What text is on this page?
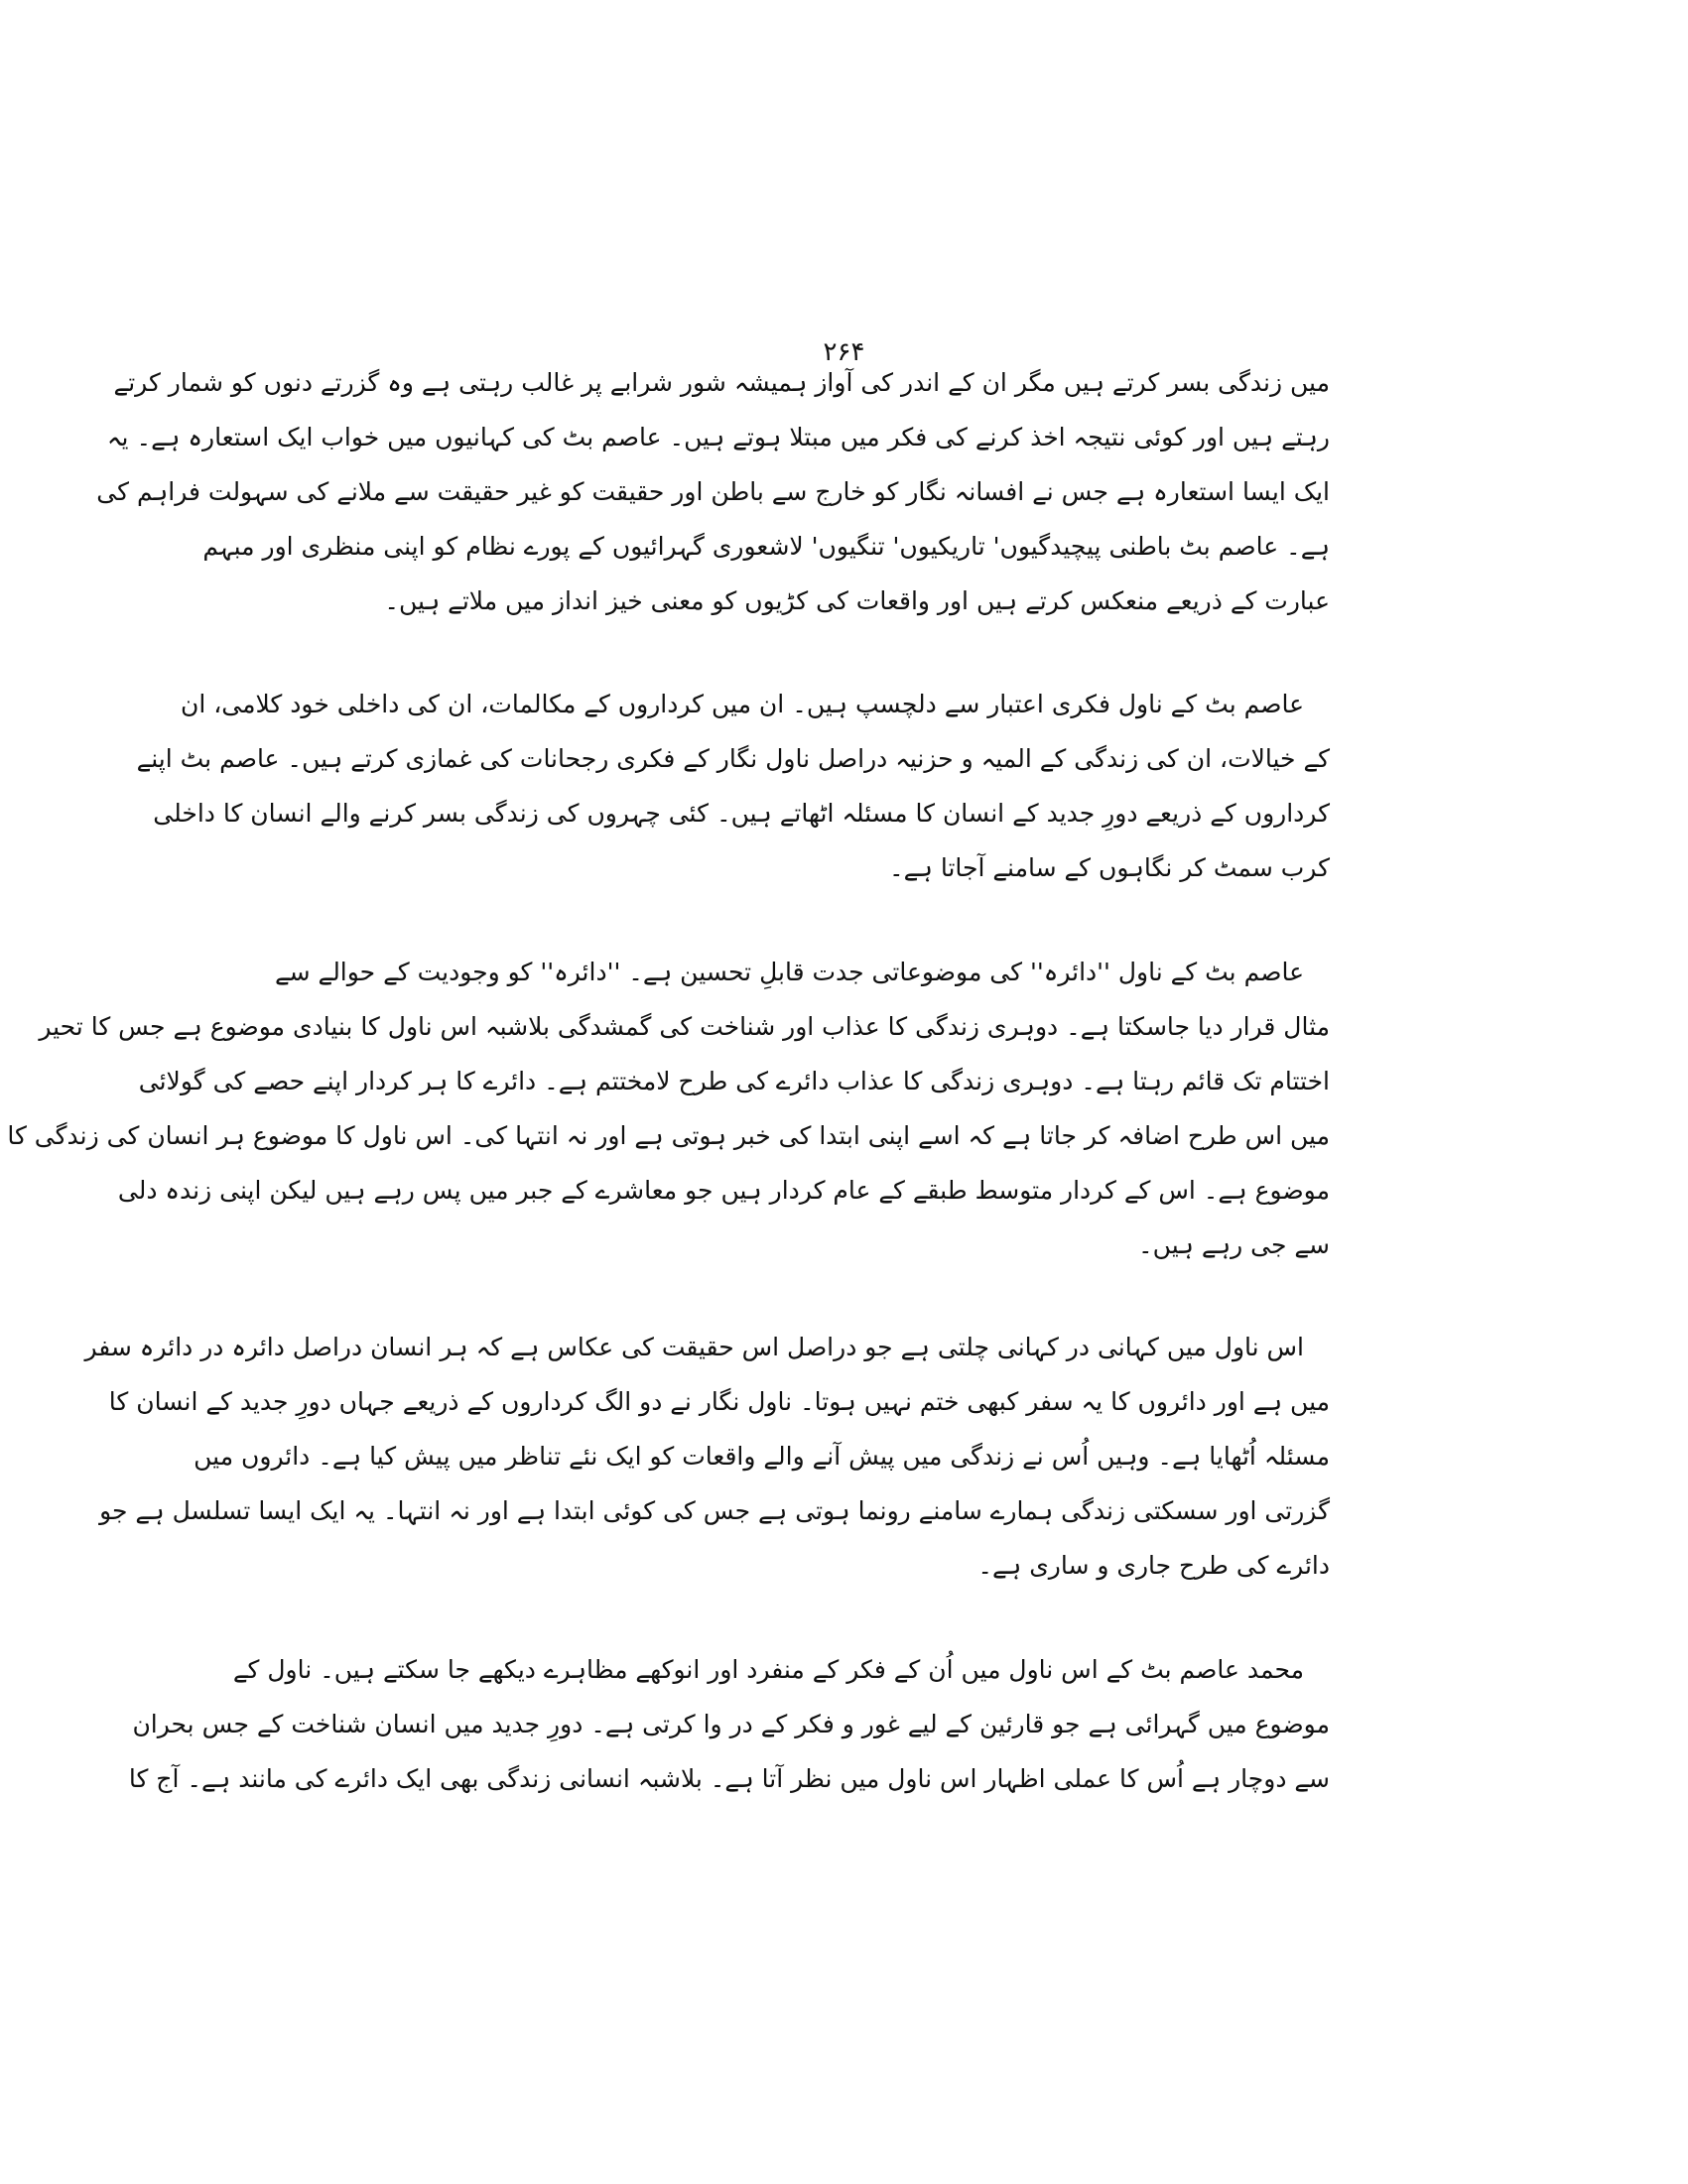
۲۶۴
میں زندگی بسر کرتے ہیں مگر ان کے اندر کی آواز ہمیشہ شور شرابے پر غالب رہتی ہے وہ گزرتے دنوں کو شمار کرتے
رہتے ہیں اور کوئی نتیجہ اخذ کرنے کی فکر میں مبتلا ہوتے ہیں۔ عاصم بٹ کی کہانیوں میں خواب ایک استعارہ ہے۔ یہ
ایک ایسا استعارہ ہے جس نے افسانہ نگار کو خارج سے باطن اور حقیقت کو غیر حقیقت سے ملانے کی سہولت فراہم کی
ہے۔ عاصم بٹ باطنی پیچیدگیوں' تاریکیوں' تنگیوں' لاشعوری گہرائیوں کے پورے نظام کو اپنی منظری اور مبہم
عبارت کے ذریعے منعکس کرتے ہیں اور واقعات کی کڑیوں کو معنی خیز انداز میں ملاتے ہیں۔
عاصم بٹ کے ناول فکری اعتبار سے دلچسپ ہیں۔ ان میں کرداروں کے مکالمات، ان کی داخلی خود کلامی، ان
کے خیالات، ان کی زندگی کے المیہ و حزنیہ دراصل ناول نگار کے فکری رجحانات کی غمازی کرتے ہیں۔ عاصم بٹ اپنے
کرداروں کے ذریعے دورِ جدید کے انسان کا مسئلہ اٹھاتے ہیں۔ کئی چہروں کی زندگی بسر کرنے والے انسان کا داخلی
کرب سمٹ کر نگاہوں کے سامنے آجاتا ہے۔
عاصم بٹ کے ناول ''دائرہ'' کی موضوعاتی جدت قابلِ تحسین ہے۔ ''دائرہ'' کو وجودیت کے حوالے سے
مثال قرار دیا جاسکتا ہے۔ دوہری زندگی کا عذاب اور شناخت کی گمشدگی بلاشبہ اس ناول کا بنیادی موضوع ہے جس کا تحیر
اختتام تک قائم رہتا ہے۔ دوہری زندگی کا عذاب دائرے کی طرح لامختتم ہے۔ دائرے کا ہر کردار اپنے حصے کی گولائی
میں اس طرح اضافہ کر جاتا ہے کہ اسے اپنی ابتدا کی خبر ہوتی ہے اور نہ انتہا کی۔ اس ناول کا موضوع ہر انسان کی زندگی کا
موضوع ہے۔ اس کے کردار متوسط طبقے کے عام کردار ہیں جو معاشرے کے جبر میں پس رہے ہیں لیکن اپنی زندہ دلی
سے جی رہے ہیں۔
اس ناول میں کہانی در کہانی چلتی ہے جو دراصل اس حقیقت کی عکاس ہے کہ ہر انسان دراصل دائرہ در دائرہ سفر
میں ہے اور دائروں کا یہ سفر کبھی ختم نہیں ہوتا۔ ناول نگار نے دو الگ کرداروں کے ذریعے جہاں دورِ جدید کے انسان کا
مسئلہ اُٹھایا ہے۔ وہیں اُس نے زندگی میں پیش آنے والے واقعات کو ایک نئے تناظر میں پیش کیا ہے۔ دائروں میں
گزرتی اور سسکتی زندگی ہمارے سامنے رونما ہوتی ہے جس کی کوئی ابتدا ہے اور نہ انتہا۔ یہ ایک ایسا تسلسل ہے جو
دائرے کی طرح جاری و ساری ہے۔
محمد عاصم بٹ کے اس ناول میں اُن کے فکر کے منفرد اور انوکھے مظاہرے دیکھے جا سکتے ہیں۔ ناول کے
موضوع میں گہرائی ہے جو قارئین کے لیے غور و فکر کے در وا کرتی ہے۔ دورِ جدید میں انسان شناخت کے جس بحران
سے دوچار ہے اُس کا عملی اظہار اس ناول میں نظر آتا ہے۔ بلاشبہ انسانی زندگی بھی ایک دائرے کی مانند ہے۔ آج کا
